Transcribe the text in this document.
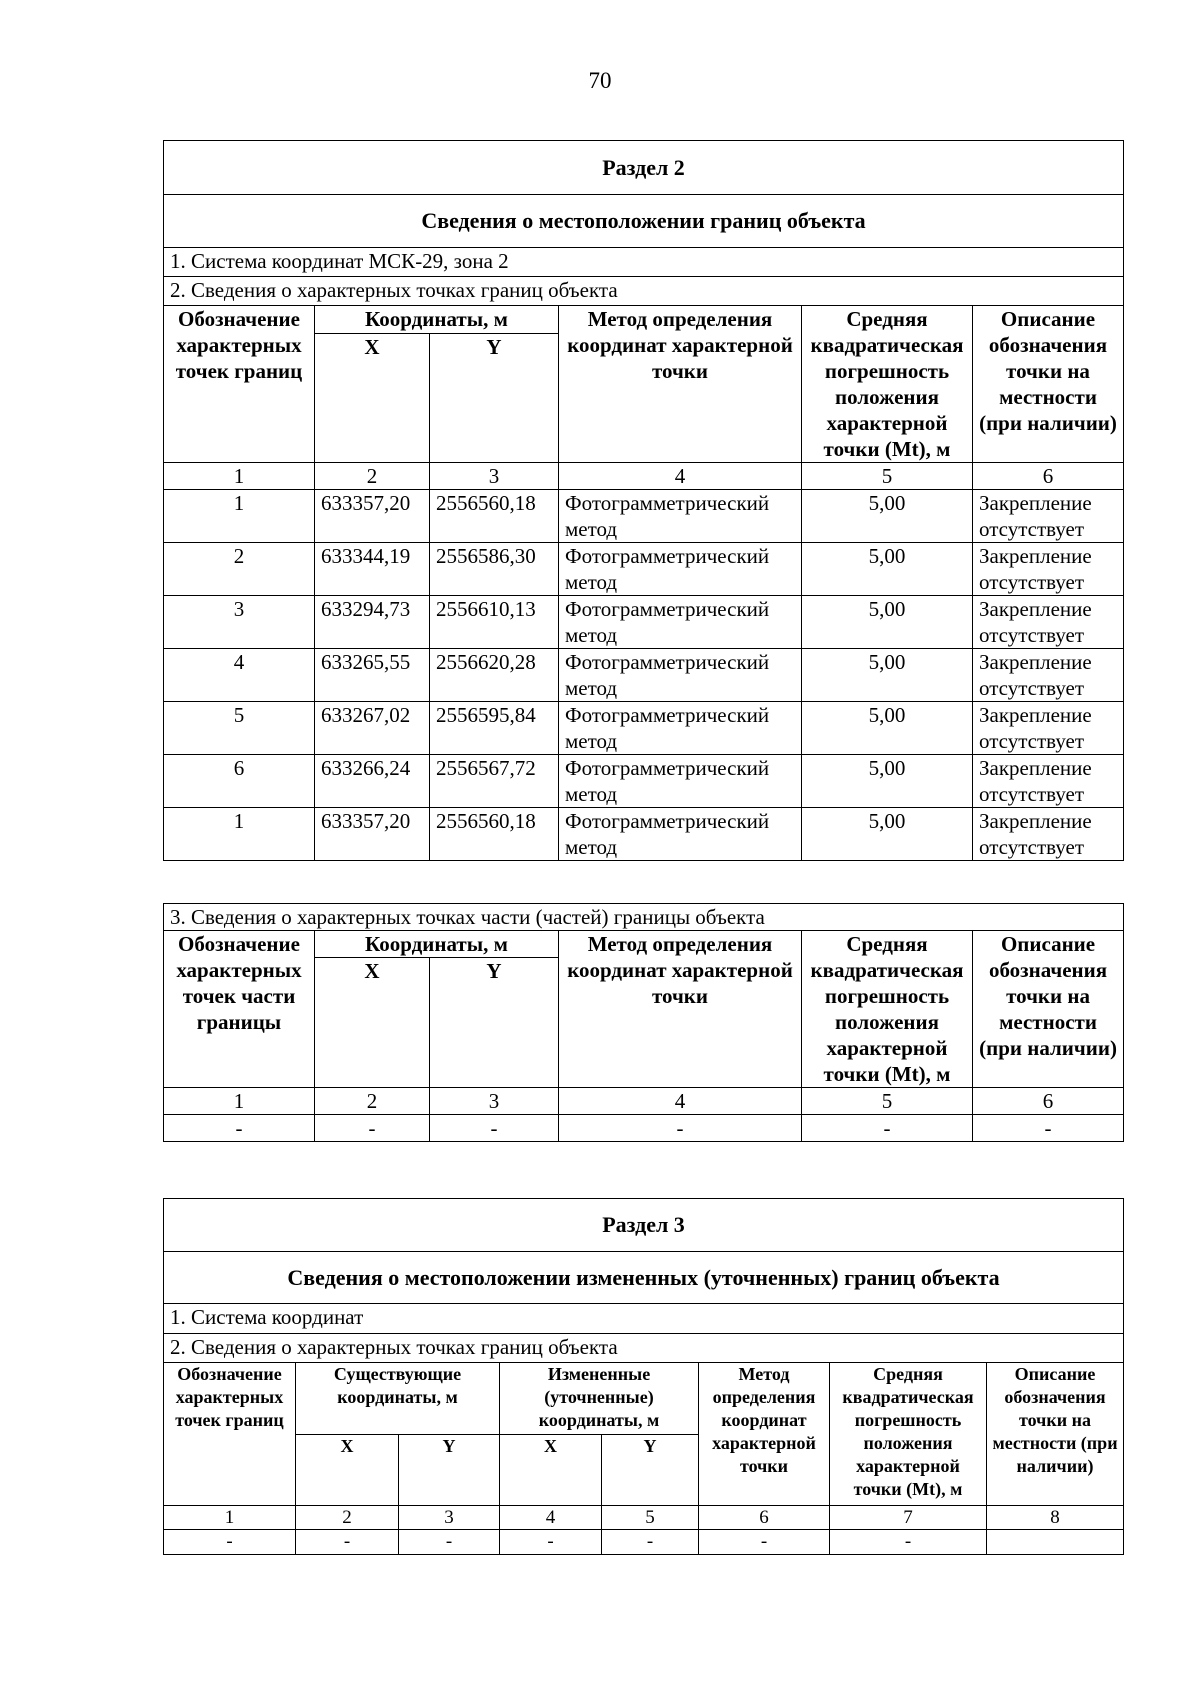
70
Раздел 2					
Сведения о местоположении границ объекта					
1. Система координат МСК-29, зона 2					
2. Сведения о характерных точках границ объекта					
Обозначение характерных точек границ	Координаты, м		Метод определения координат характерной точки	Средняя квадратическая погрешность положения характерной точки (Mt), м	Описание обозначения точки на местности (при наличии)
	X	Y			
1	2	3	4	5	6
1	633357,20	2556560,18	Фотограмметрический метод	5,00	Закрепление отсутствует
2	633344,19	2556586,30	Фотограмметрический метод	5,00	Закрепление отсутствует
3	633294,73	2556610,13	Фотограмметрический метод	5,00	Закрепление отсутствует
4	633265,55	2556620,28	Фотограмметрический метод	5,00	Закрепление отсутствует
5	633267,02	2556595,84	Фотограмметрический метод	5,00	Закрепление отсутствует
6	633266,24	2556567,72	Фотограмметрический метод	5,00	Закрепление отсутствует
1	633357,20	2556560,18	Фотограмметрический метод	5,00	Закрепление отсутствует
3. Сведения о характерных точках части (частей) границы объекта					
Обозначение характерных точек части границы	Координаты, м		Метод определения координат характерной точки	Средняя квадратическая погрешность положения характерной точки (Mt), м	Описание обозначения точки на местности (при наличии)
	X	Y			
1	2	3	4	5	6
-	-	-	-	-	-
Раздел 3							
Сведения о местоположении измененных (уточненных) границ объекта							
1. Система координат							
2. Сведения о характерных точках границ объекта							
Обозначение характерных точек границ	Существующие координаты, м		Измененные (уточненные) координаты, м		Метод определения координат характерной точки	Средняя квадратическая погрешность положения характерной точки (Mt), м	Описание обозначения точки на местности (при наличии)
	X	Y	X	Y			
1	2	3	4	5	6	7	8
-	-	-	-	-	-	-	
